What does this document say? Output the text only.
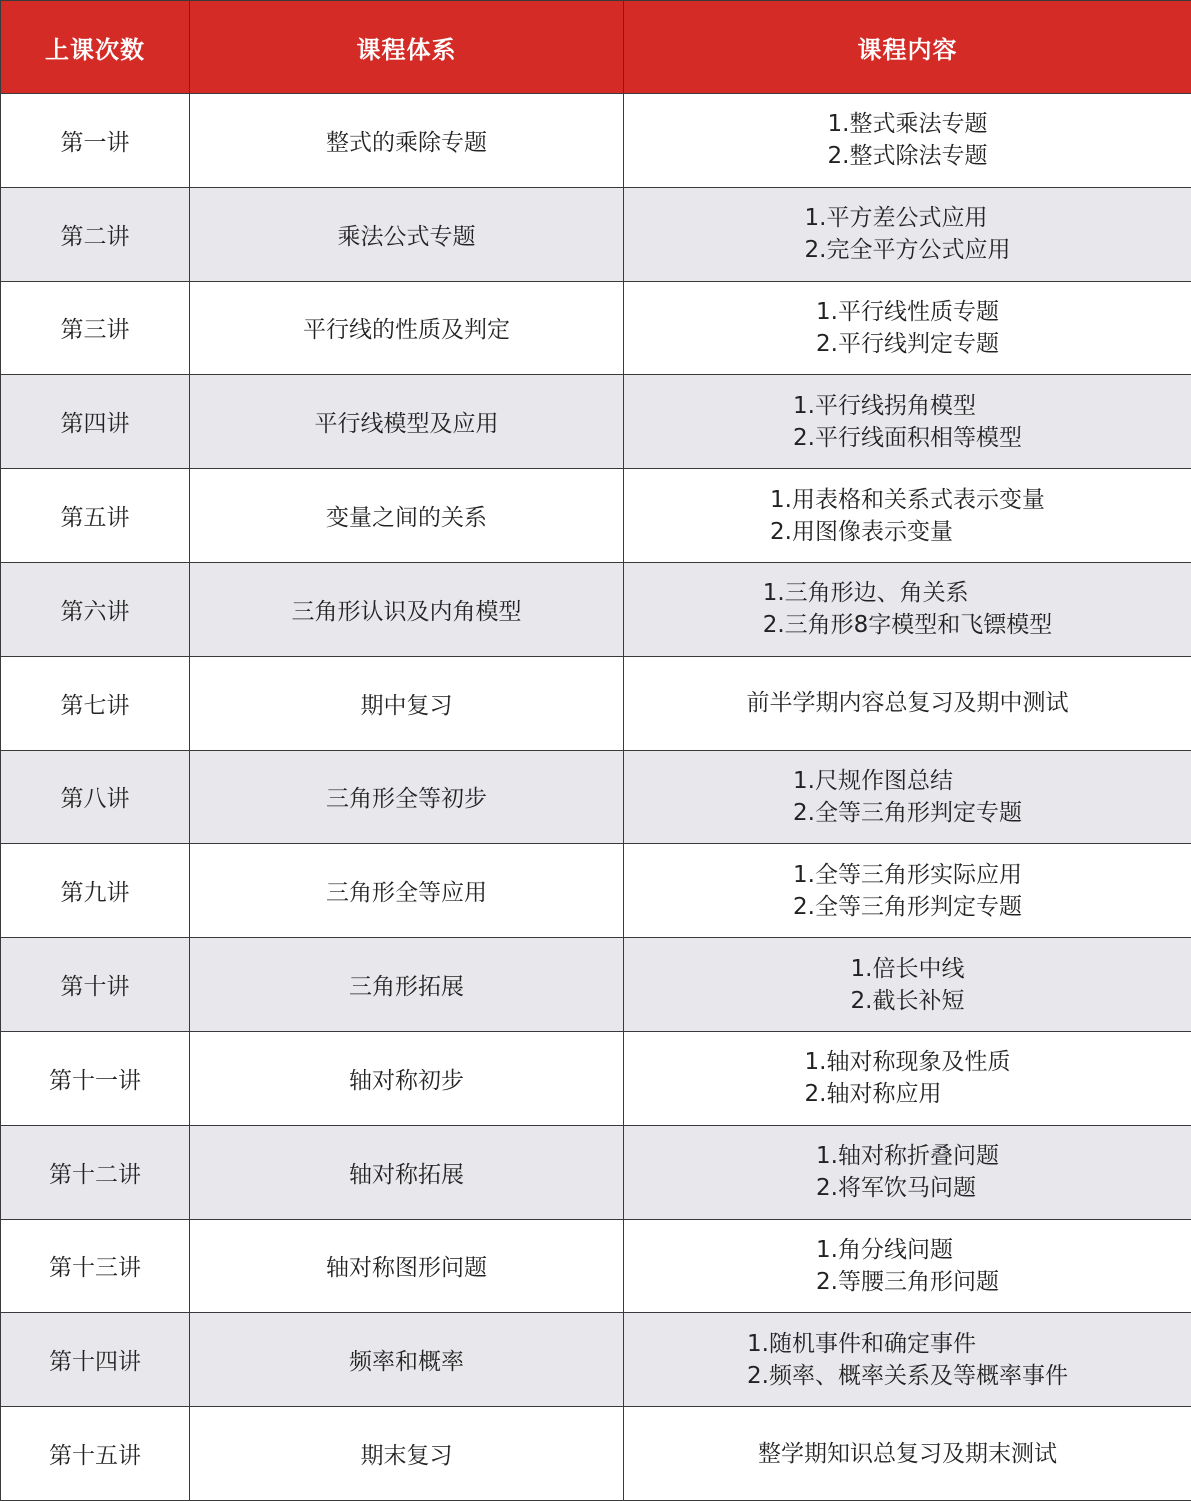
上课次数	课程体系	课程内容
第一讲	整式的乘除专题	1.整式乘法专题
2.整式除法专题

第二讲	乘法公式专题	1.平方差公式应用
2.完全平方公式应用

第三讲	平行线的性质及判定	1.平行线性质专题
2.平行线判定专题

第四讲	平行线模型及应用	1.平行线拐角模型
2.平行线面积相等模型

第五讲	变量之间的关系	1.用表格和关系式表示变量
2.用图像表示变量

第六讲	三角形认识及内角模型	1.三角形边、角关系
2.三角形8字模型和飞镖模型

第七讲	期中复习	前半学期内容总复习及期中测试

第八讲	三角形全等初步	1.尺规作图总结
2.全等三角形判定专题

第九讲	三角形全等应用	1.全等三角形实际应用
2.全等三角形判定专题

第十讲	三角形拓展	1.倍长中线
2.截长补短

第十一讲	轴对称初步	1.轴对称现象及性质
2.轴对称应用

第十二讲	轴对称拓展	1.轴对称折叠问题
2.将军饮马问题

第十三讲	轴对称图形问题	1.角分线问题
2.等腰三角形问题

第十四讲	频率和概率	1.随机事件和确定事件
2.频率、概率关系及等概率事件

第十五讲	期末复习	整学期知识总复习及期末测试
